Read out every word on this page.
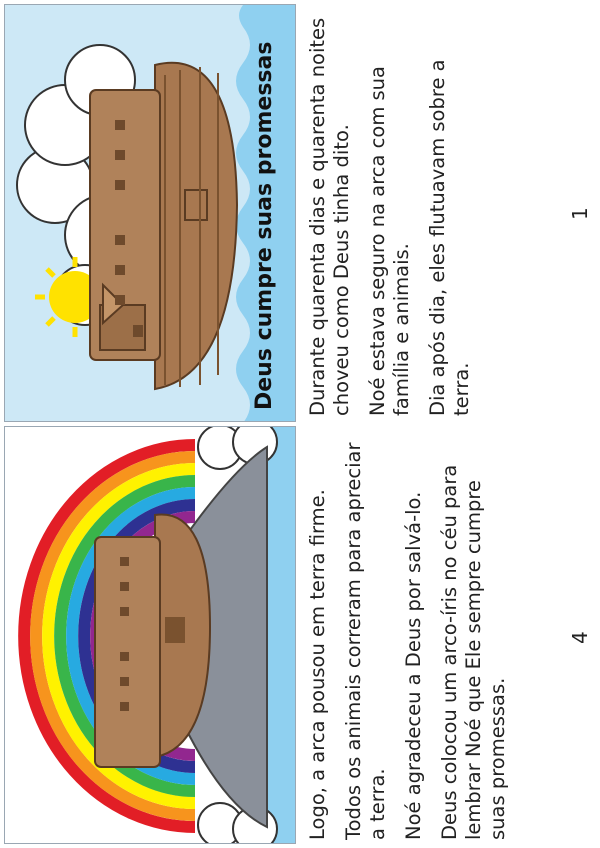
Deus cumpre suas promessas Durante quarenta dias e quarenta noites choveu como Deus tinha dito. Noé estava seguro na arca com sua família e animais. Dia após dia, eles flutuavam sobre a terra.

1

Logo, a arca pousou em terra firme. Todos os animais correram para apreciar a terra. Noé agradeceu a Deus por salvá-lo. Deus colocou um arco-íris no céu para lembrar Noé que Ele sempre cumpre suas promessas.

4
